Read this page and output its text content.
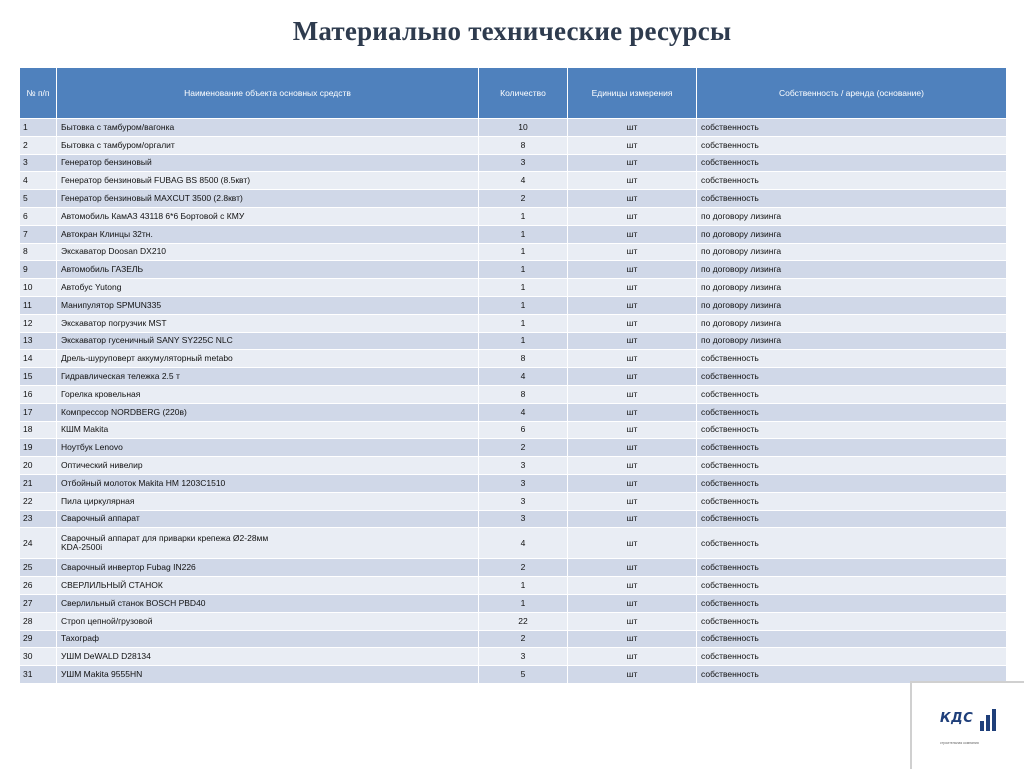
Материально технические ресурсы
№ п/п	Наименование объекта основных средств	Количество	Единицы измерения	Собственность / аренда (основание)
1	Бытовка с тамбуром/вагонка	10	шт	собственность
2	Бытовка с тамбуром/оргалит	8	шт	собственность
3	Генератор бензиновый	3	шт	собственность
4	Генератор бензиновый FUBAG BS 8500 (8.5квт)	4	шт	собственность
5	Генератор бензиновый MAXCUT 3500 (2.8квт)	2	шт	собственность
6	Автомобиль КамАЗ 43118 6*6 Бортовой с КМУ	1	шт	по договору лизинга
7	Автокран Клинцы 32тн.	1	шт	по договору лизинга
8	Экскаватор Doosan DX210	1	шт	по договору лизинга
9	Автомобиль ГАЗЕЛЬ	1	шт	по договору лизинга
10	Автобус Yutong	1	шт	по договору лизинга
11	Манипулятор SPMUN335	1	шт	по договору лизинга
12	Экскаватор погрузчик MST	1	шт	по договору лизинга
13	Экскаватор гусеничный SANY SY225C NLC	1	шт	по договору лизинга
14	Дрель-шуруповерт аккумуляторный metabo	8	шт	собственность
15	Гидравлическая тележка 2.5 т	4	шт	собственность
16	Горелка кровельная	8	шт	собственность
17	Компрессор NORDBERG (220в)	4	шт	собственность
18	КШМ Makita	6	шт	собственность
19	Ноутбук Lenovo	2	шт	собственность
20	Оптический нивелир	3	шт	собственность
21	Отбойный молоток Makita HM 1203C1510	3	шт	собственность
22	Пила циркулярная	3	шт	собственность
23	Сварочный аппарат	3	шт	собственность
24	Сварочный аппарат для приварки крепежа Ø2-28мм
KDA-2500i	4	шт	собственность
25	Сварочный инвертор Fubag IN226	2	шт	собственность
26	СВЕРЛИЛЬНЫЙ СТАНОК	1	шт	собственность
27	Сверлильный станок BOSCH PBD40	1	шт	собственность
28	Строп цепной/грузовой	22	шт	собственность
29	Тахограф	2	шт	собственность
30	УШМ DeWALD D28134	3	шт	собственность
31	УШМ Makita 9555HN	5	шт	собственность
КДС
строительная компания
